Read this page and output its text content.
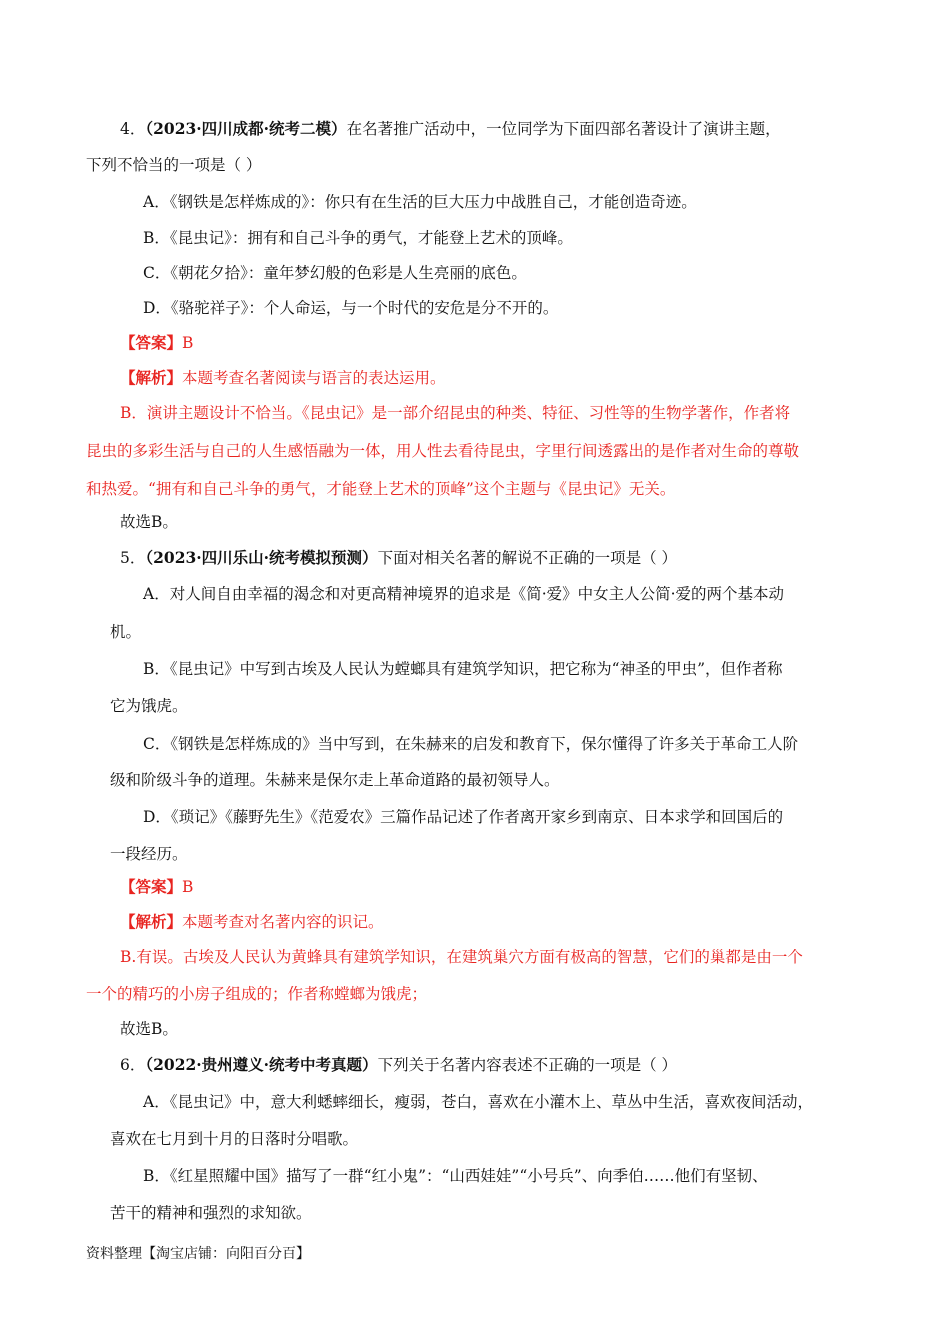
4．（2023·四川成都·统考二模）在名著推广活动中，一位同学为下面四部名著设计了演讲主题，
下列不恰当的一项是（ ）
A．《钢铁是怎样炼成的》：你只有在生活的巨大压力中战胜自己，才能创造奇迹。
B．《昆虫记》：拥有和自己斗争的勇气，才能登上艺术的顶峰。
C．《朝花夕拾》：童年梦幻般的色彩是人生亮丽的底色。
D．《骆驼祥子》：个人命运，与一个时代的安危是分不开的。
【答案】B
【解析】本题考查名著阅读与语言的表达运用。
B．演讲主题设计不恰当。《昆虫记》是一部介绍昆虫的种类、特征、习性等的生物学著作，作者将
昆虫的多彩生活与自己的人生感悟融为一体，用人性去看待昆虫，字里行间透露出的是作者对生命的尊敬
和热爱。“拥有和自己斗争的勇气，才能登上艺术的顶峰”这个主题与《昆虫记》无关。
故选B。
5．（2023·四川乐山·统考模拟预测）下面对相关名著的解说不正确的一项是（ ）
A．对人间自由幸福的渴念和对更高精神境界的追求是《简·爱》中女主人公简·爱的两个基本动
机。
B．《昆虫记》中写到古埃及人民认为螳螂具有建筑学知识，把它称为“神圣的甲虫”，但作者称
它为饿虎。
C．《钢铁是怎样炼成的》当中写到，在朱赫来的启发和教育下，保尔懂得了许多关于革命工人阶
级和阶级斗争的道理。朱赫来是保尔走上革命道路的最初领导人。
D．《琐记》《藤野先生》《范爱农》三篇作品记述了作者离开家乡到南京、日本求学和回国后的
一段经历。
【答案】B
【解析】本题考查对名著内容的识记。
B.有误。古埃及人民认为黄蜂具有建筑学知识，在建筑巢穴方面有极高的智慧，它们的巢都是由一个
一个的精巧的小房子组成的；作者称螳螂为饿虎；
故选B。
6．（2022·贵州遵义·统考中考真题）下列关于名著内容表述不正确的一项是（ ）
A．《昆虫记》中，意大利蟋蟀细长，瘦弱，苍白，喜欢在小灌木上、草丛中生活，喜欢夜间活动，
喜欢在七月到十月的日落时分唱歌。
B．《红星照耀中国》描写了一群“红小鬼”：“山西娃娃”“小号兵”、向季伯……他们有坚韧、
苦干的精神和强烈的求知欲。
资料整理【淘宝店铺：向阳百分百】
